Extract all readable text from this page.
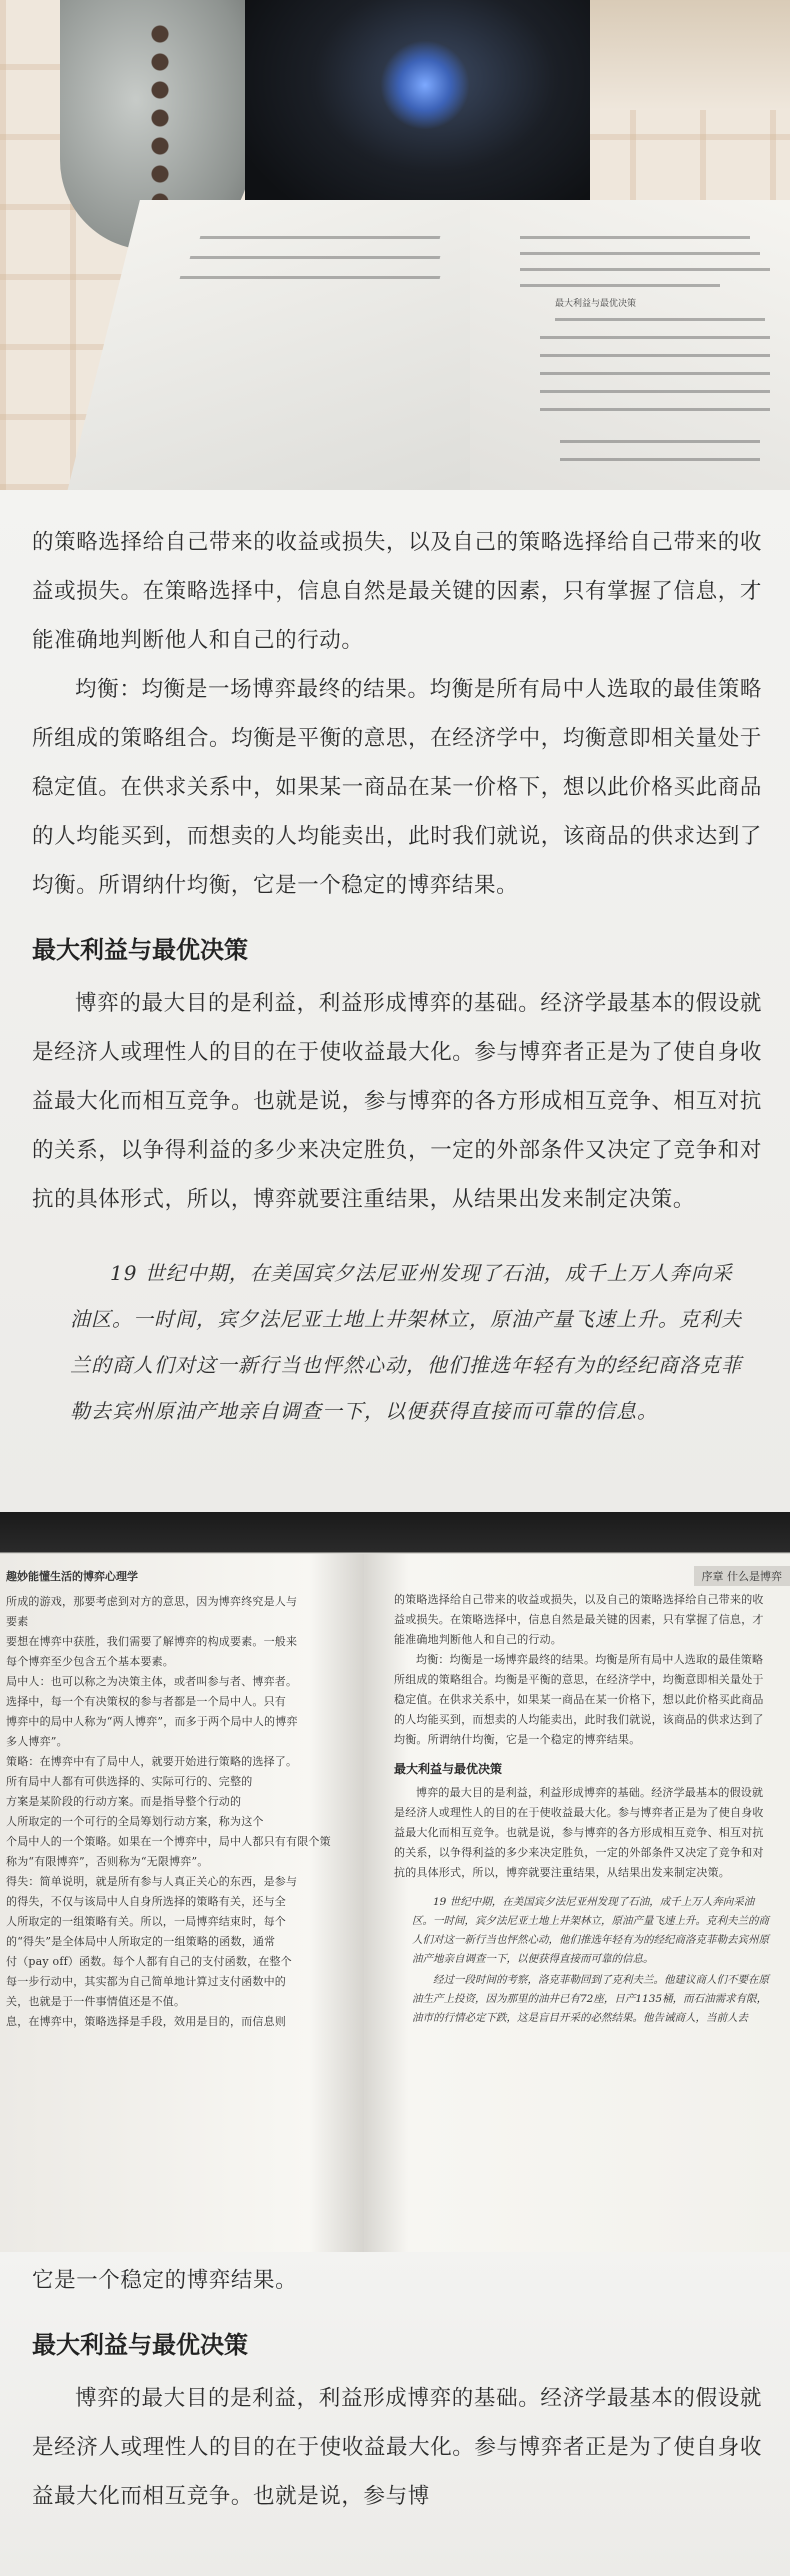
最大利益与最优决策

的策略选择给自己带来的收益或损失，以及自己的策略选择给自己带来的收益或损失。在策略选择中，信息自然是最关键的因素，只有掌握了信息，才能准确地判断他人和自己的行动。

均衡：均衡是一场博弈最终的结果。均衡是所有局中人选取的最佳策略所组成的策略组合。均衡是平衡的意思，在经济学中，均衡意即相关量处于稳定值。在供求关系中，如果某一商品在某一价格下，想以此价格买此商品的人均能买到，而想卖的人均能卖出，此时我们就说，该商品的供求达到了均衡。所谓纳什均衡，它是一个稳定的博弈结果。

最大利益与最优决策

博弈的最大目的是利益，利益形成博弈的基础。经济学最基本的假设就是经济人或理性人的目的在于使收益最大化。参与博弈者正是为了使自身收益最大化而相互竞争。也就是说，参与博弈的各方形成相互竞争、相互对抗的关系，以争得利益的多少来决定胜负，一定的外部条件又决定了竞争和对抗的具体形式，所以，博弈就要注重结果，从结果出发来制定决策。

19 世纪中期，在美国宾夕法尼亚州发现了石油，成千上万人奔向采油区。一时间，宾夕法尼亚土地上井架林立，原油产量飞速上升。克利夫兰的商人们对这一新行当也怦然心动，他们推选年轻有为的经纪商洛克菲勒去宾州原油产地亲自调查一下，以便获得直接而可靠的信息。

趣妙能懂生活的博弈心理学

所成的游戏，那要考虑到对方的意思，因为博弈终究是人与

要素

要想在博弈中获胜，我们需要了解博弈的构成要素。一般来

每个博弈至少包含五个基本要素。

局中人：也可以称之为决策主体，或者叫参与者、博弈者。

选择中，每一个有决策权的参与者都是一个局中人。只有

博弈中的局中人称为“两人博弈”，而多于两个局中人的博弈

多人博弈”。

策略：在博弈中有了局中人，就要开始进行策略的选择了。

所有局中人都有可供选择的、实际可行的、完整的

方案是某阶段的行动方案。而是指导整个行动的

人所取定的一个可行的全局筹划行动方案，称为这个

个局中人的一个策略。如果在一个博弈中，局中人都只有有限个策

称为“有限博弈”，否则称为“无限博弈”。

得失：简单说明，就是所有参与人真正关心的东西，是参与

的得失，不仅与该局中人自身所选择的策略有关，还与全

人所取定的一组策略有关。所以，一局博弈结束时，每个

的“得失”是全体局中人所取定的一组策略的函数，通常

付（pay off）函数。每个人都有自己的支付函数，在整个

每一步行动中，其实都为自己简单地计算过支付函数中的

关，也就是于一件事情值还是不值。

息，在博弈中，策略选择是手段，效用是目的，而信息则

序章 什么是博弈

的策略选择给自己带来的收益或损失，以及自己的策略选择给自己带来的收益或损失。在策略选择中，信息自然是最关键的因素，只有掌握了信息，才能准确地判断他人和自己的行动。

均衡：均衡是一场博弈最终的结果。均衡是所有局中人选取的最佳策略所组成的策略组合。均衡是平衡的意思，在经济学中，均衡意即相关量处于稳定值。在供求关系中，如果某一商品在某一价格下，想以此价格买此商品的人均能买到，而想卖的人均能卖出，此时我们就说，该商品的供求达到了均衡。所谓纳什均衡，它是一个稳定的博弈结果。

最大利益与最优决策

博弈的最大目的是利益，利益形成博弈的基础。经济学最基本的假设就是经济人或理性人的目的在于使收益最大化。参与博弈者正是为了使自身收益最大化而相互竞争。也就是说，参与博弈的各方形成相互竞争、相互对抗的关系，以争得利益的多少来决定胜负，一定的外部条件又决定了竞争和对抗的具体形式，所以，博弈就要注重结果，从结果出发来制定决策。

19 世纪中期，在美国宾夕法尼亚州发现了石油，成千上万人奔向采油区。一时间，宾夕法尼亚土地上井架林立，原油产量飞速上升。克利夫兰的商人们对这一新行当也怦然心动，他们推选年轻有为的经纪商洛克菲勒去宾州原油产地亲自调查一下，以便获得直接而可靠的信息。

经过一段时间的考察，洛克菲勒回到了克利夫兰。他建议商人们不要在原油生产上投资，因为那里的油井已有72座，日产1135桶，而石油需求有限，油市的行情必定下跌，这是盲目开采的必然结果。他告诫商人，当前人去

它是一个稳定的博弈结果。

最大利益与最优决策

博弈的最大目的是利益，利益形成博弈的基础。经济学最基本的假设就是经济人或理性人的目的在于使收益最大化。参与博弈者正是为了使自身收益最大化而相互竞争。也就是说，参与博
